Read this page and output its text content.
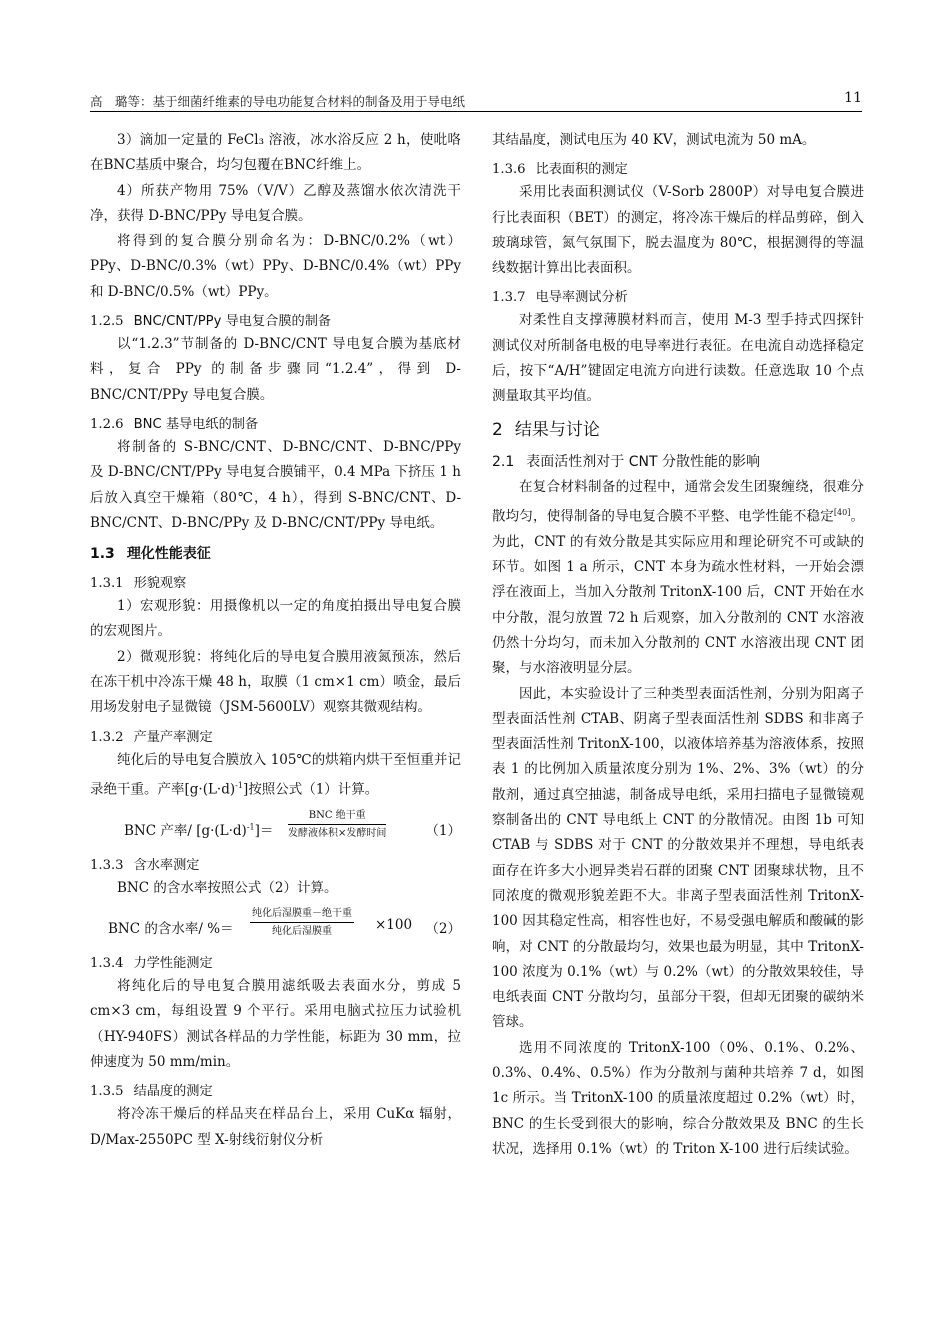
高　璐等：基于细菌纤维素的导电功能复合材料的制备及用于导电纸	11

3）滴加一定量的 FeCl₃ 溶液，冰水浴反应 2 h，使吡咯在BNC基质中聚合，均匀包覆在BNC纤维上。

4）所获产物用 75%（V/V）乙醇及蒸馏水依次清洗干净，获得 D-BNC/PPy 导电复合膜。

将得到的复合膜分别命名为：D-BNC/0.2%（wt）PPy、D-BNC/0.3%（wt）PPy、D-BNC/0.4%（wt）PPy 和 D-BNC/0.5%（wt）PPy。

1.2.5 BNC/CNT/PPy 导电复合膜的制备

以“1.2.3”节制备的 D-BNC/CNT 导电复合膜为基底材料，复合 PPy 的制备步骤同“1.2.4”，得到 D-BNC/CNT/PPy 导电复合膜。

1.2.6 BNC 基导电纸的制备

将制备的 S-BNC/CNT、D-BNC/CNT、D-BNC/PPy 及 D-BNC/CNT/PPy 导电复合膜铺平，0.4 MPa 下挤压 1 h 后放入真空干燥箱（80℃，4 h），得到 S-BNC/CNT、D-BNC/CNT、D-BNC/PPy 及 D-BNC/CNT/PPy 导电纸。

1.3 理化性能表征
1.3.1 形貌观察

1）宏观形貌：用摄像机以一定的角度拍摄出导电复合膜的宏观图片。

2）微观形貌：将纯化后的导电复合膜用液氮预冻，然后在冻干机中冷冻干燥 48 h，取膜（1 cm×1 cm）喷金，最后用场发射电子显微镜（JSM-5600LV）观察其微观结构。

1.3.2 产量产率测定

纯化后的导电复合膜放入 105℃的烘箱内烘干至恒重并记录绝干重。产率$[g\cdot(L\cdot d)^{-1}]$按照公式（1）计算。

BNC 产率/ $[g\cdot(L\cdot d)^{-1}]=$
BNC 绝干重
发酵液体积×发酵时间	（1）
1.3.3 含水率测定

BNC 的含水率按照公式（2）计算。

BNC 的含水率/ %＝
纯化后湿膜重－绝干重
纯化后湿膜重	×100 （2）
1.3.4 力学性能测定

将纯化后的导电复合膜用滤纸吸去表面水分，剪成 5 cm×3 cm，每组设置 9 个平行。采用电脑式拉压力试验机（HY-940FS）测试各样品的力学性能，标距为 30 mm，拉伸速度为 50 mm/min。

1.3.5 结晶度的测定

将冷冻干燥后的样品夹在样品台上，采用 CuKα 辐射，D/Max-2550PC 型 X-射线衍射仪分析

其结晶度，测试电压为 40 KV，测试电流为 50 mA。

1.3.6 比表面积的测定

采用比表面积测试仪（V-Sorb 2800P）对导电复合膜进行比表面积（BET）的测定，将冷冻干燥后的样品剪碎，倒入玻璃球管，氮气氛围下，脱去温度为 80℃，根据测得的等温线数据计算出比表面积。

1.3.7 电导率测试分析

对柔性自支撑薄膜材料而言，使用 M-3 型手持式四探针测试仪对所制备电极的电导率进行表征。在电流自动选择稳定后，按下“A/H”键固定电流方向进行读数。任意选取 10 个点测量取其平均值。

2 结果与讨论
2.1 表面活性剂对于 CNT 分散性能的影响

在复合材料制备的过程中，通常会发生团聚缠绕，很难分散均匀，使得制备的导电复合膜不平整、电学性能不稳定[40]。为此，CNT 的有效分散是其实际应用和理论研究不可或缺的环节。如图 1 a 所示，CNT 本身为疏水性材料，一开始会漂浮在液面上，当加入分散剂 TritonX-100 后，CNT 开始在水中分散，混匀放置 72 h 后观察，加入分散剂的 CNT 水溶液仍然十分均匀，而未加入分散剂的 CNT 水溶液出现 CNT 团聚，与水溶液明显分层。

因此，本实验设计了三种类型表面活性剂，分别为阳离子型表面活性剂 CTAB、阴离子型表面活性剂 SDBS 和非离子型表面活性剂 TritonX-100，以液体培养基为溶液体系，按照表 1 的比例加入质量浓度分别为 1%、2%、3%（wt）的分散剂，通过真空抽滤，制备成导电纸，采用扫描电子显微镜观察制备出的 CNT 导电纸上 CNT 的分散情况。由图 1b 可知 CTAB 与 SDBS 对于 CNT 的分散效果并不理想，导电纸表面存在许多大小迥异类岩石群的团聚 CNT 团聚球状物，且不同浓度的微观形貌差距不大。非离子型表面活性剂 TritonX-100 因其稳定性高，相容性也好，不易受强电解质和酸碱的影响，对 CNT 的分散最均匀，效果也最为明显，其中 TritonX-100 浓度为 0.1%（wt）与 0.2%（wt）的分散效果较佳，导电纸表面 CNT 分散均匀，虽部分干裂，但却无团聚的碳纳米管球。

选用不同浓度的 TritonX-100（0%、0.1%、0.2%、0.3%、0.4%、0.5%）作为分散剂与菌种共培养 7 d，如图 1c 所示。当 TritonX-100 的质量浓度超过 0.2%（wt）时，BNC 的生长受到很大的影响，综合分散效果及 BNC 的生长状况，选择用 0.1%（wt）的 Triton X-100 进行后续试验。
